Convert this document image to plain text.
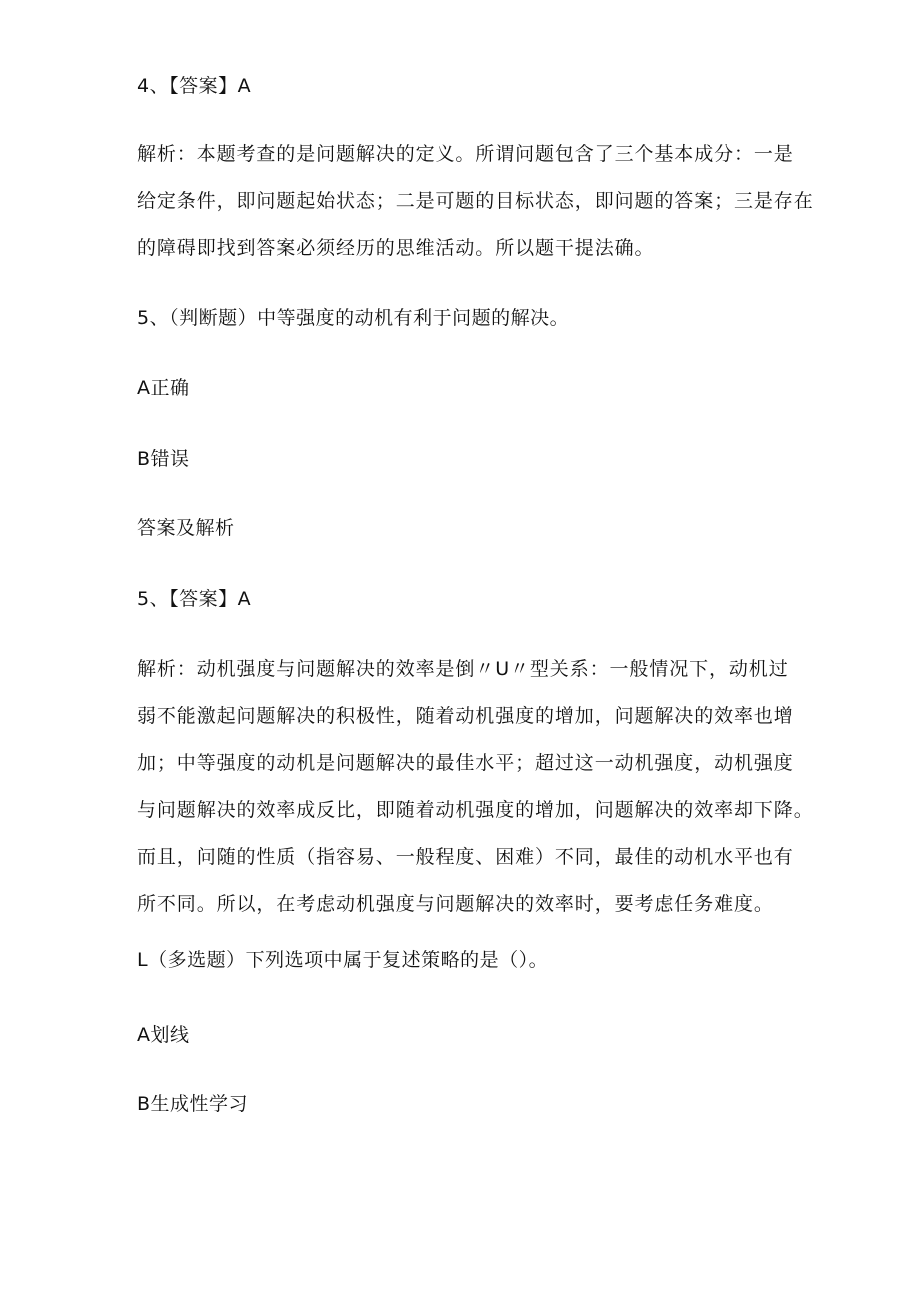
4、【答案】A
解析：本题考查的是问题解决的定义。所谓问题包含了三个基本成分：一是
给定条件，即问题起始状态；二是可题的目标状态，即问题的答案；三是存在
的障碍即找到答案必须经历的思维活动。所以题干提法确。
5、（判断题）中等强度的动机有利于问题的解决。
A正确
B错误
答案及解析
5、【答案】A
解析：动机强度与问题解决的效率是倒〃U〃型关系：一般情况下，动机过
弱不能激起问题解决的积极性，随着动机强度的增加，问题解决的效率也增
加；中等强度的动机是问题解决的最佳水平；超过这一动机强度，动机强度
与问题解决的效率成反比，即随着动机强度的增加，问题解决的效率却下降。
而且，问随的性质（指容易、一般程度、困难）不同，最佳的动机水平也有
所不同。所以，在考虑动机强度与问题解决的效率时，要考虑任务难度。
L（多选题）下列选项中属于复述策略的是（）。
A划线
B生成性学习
